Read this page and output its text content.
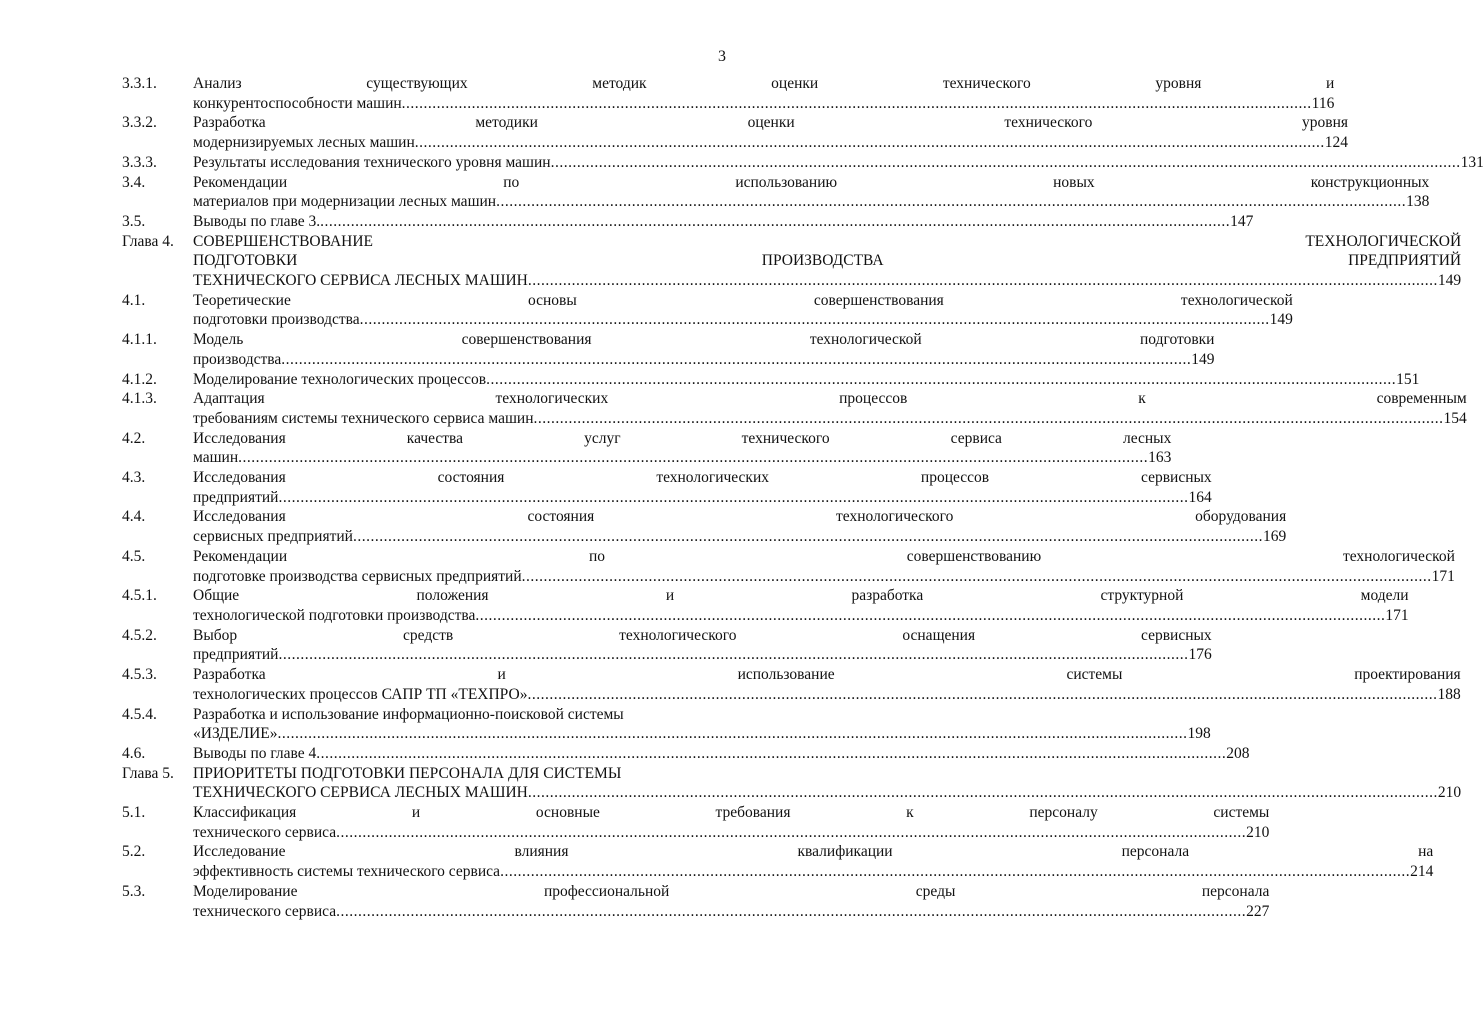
3
3.3.1.	Анализ	существующих	методик	оценки	технического	уровня	и
конкурентоспособности машин .....	116
3.3.2.	Разработка	методики	оценки	технического	уровня
модернизируемых лесных машин .....	124
3.3.3.	Результаты исследования технического уровня машин .....	131
3.4.	Рекомендации	по	использованию	новых	конструкционных
материалов при модернизации лесных машин .....	138
3.5.	Выводы по главе 3. .....	147
Глава 4.	СОВЕРШЕНСТВОВАНИЕ	ТЕХНОЛОГИЧЕСКОЙ
ПОДГОТОВКИ	ПРОИЗВОДСТВА	ПРЕДПРИЯТИЙ
ТЕХНИЧЕСКОГО СЕРВИСА ЛЕСНЫХ МАШИН .....	149
4.1.	Теоретические	основы	совершенствования	технологической
подготовки производства .....	149
4.1.1.	Модель	совершенствования	технологической	подготовки
производства .....	149
4.1.2.	Моделирование технологических процессов .....	151
4.1.3.	Адаптация	технологических	процессов	к	современным
требованиям системы технического сервиса машин .....	154
4.2.	Исследования	качества	услуг	технического	сервиса	лесных
машин .....	163
4.3.	Исследования	состояния	технологических	процессов	сервисных
предприятий .....	164
4.4.	Исследования	состояния	технологического	оборудования
сервисных предприятий .....	169
4.5.	Рекомендации	по	совершенствованию	технологической
подготовке производства сервисных предприятий .....	171
4.5.1.	Общие	положения	и	разработка	структурной	модели
технологической подготовки производства .....	171
4.5.2.	Выбор	средств	технологического	оснащения	сервисных
предприятий .....	176
4.5.3.	Разработка	и	использование	системы	проектирования
технологических процессов САПР ТП «ТЕХПРО» .....	188
4.5.4.	Разработка и использование информационно-поисковой системы
«ИЗДЕЛИЕ» .....	198
4.6.	Выводы по главе 4 .....	208
Глава 5.	ПРИОРИТЕТЫ ПОДГОТОВКИ ПЕРСОНАЛА ДЛЯ СИСТЕМЫ
ТЕХНИЧЕСКОГО СЕРВИСА ЛЕСНЫХ МАШИН .....	210
5.1.	Классификация	и	основные	требования	к	персоналу	системы
технического сервиса .....	210
5.2.	Исследование	влияния	квалификации	персонала	на
эффективность системы технического сервиса .....	214
5.3.	Моделирование	профессиональной	среды	персонала
технического сервиса .....	227
